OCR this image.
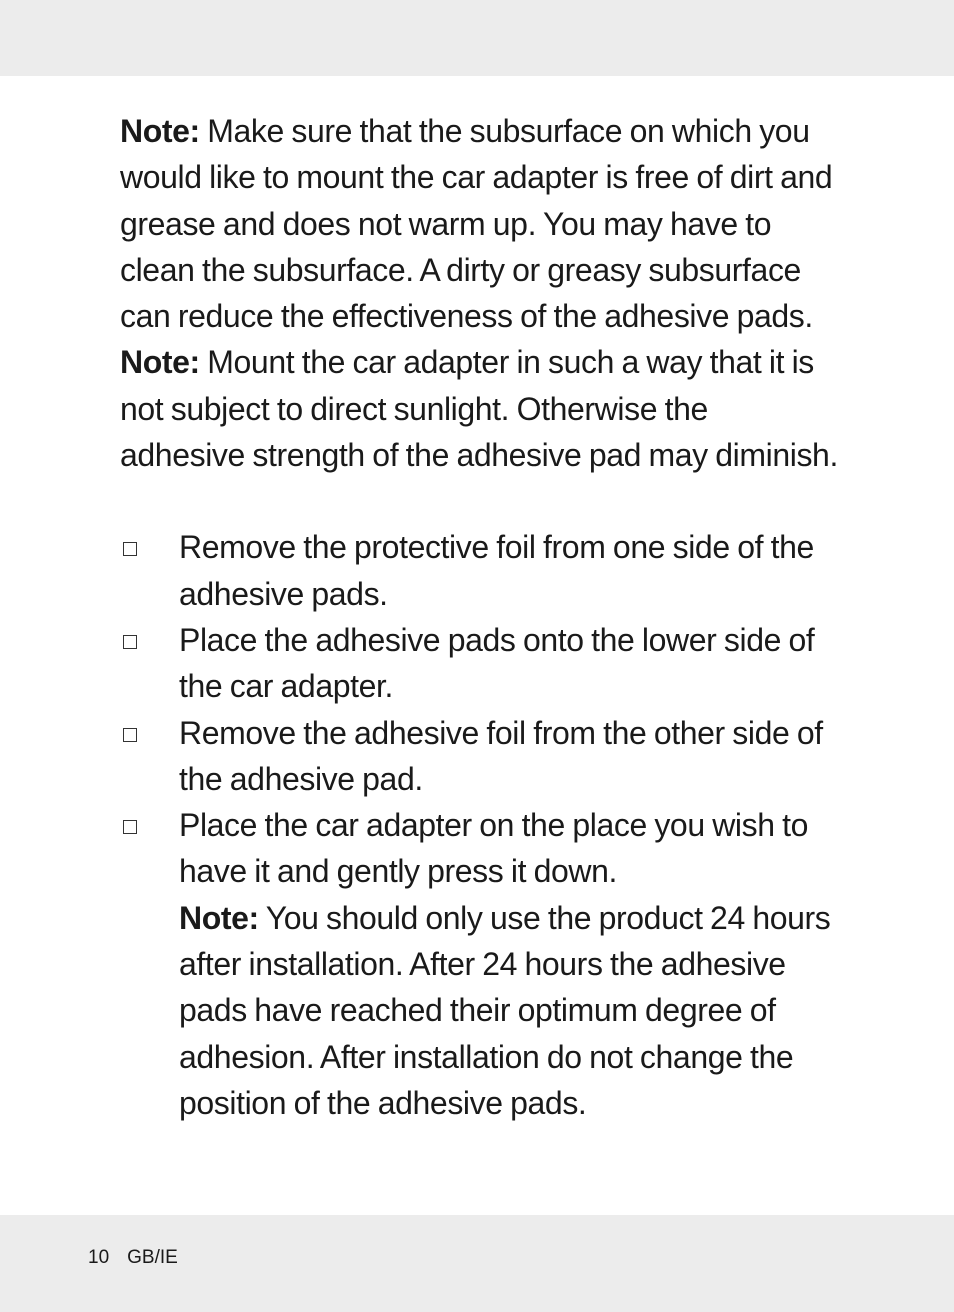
Note: Make sure that the subsurface on which you would like to mount the car adapter is free of dirt and grease and does not warm up. You may have to clean the subsurface. A dirty or greasy subsurface can reduce the effectiveness of the adhesive pads.

Note: Mount the car adapter in such a way that it is not subject to direct sunlight. Otherwise the adhesive strength of the adhesive pad may diminish.

Remove the protective foil from one side of the adhesive pads.
Place the adhesive pads onto the lower side of the car adapter.
Remove the adhesive foil from the other side of the adhesive pad.
Place the car adapter on the place you wish to have it and gently press it down.

Note: You should only use the product 24 hours after installation. After 24 hours the adhesive pads have reached their optimum degree of adhesion. After installation do not change the position of the adhesive pads.

10 GB/IE
